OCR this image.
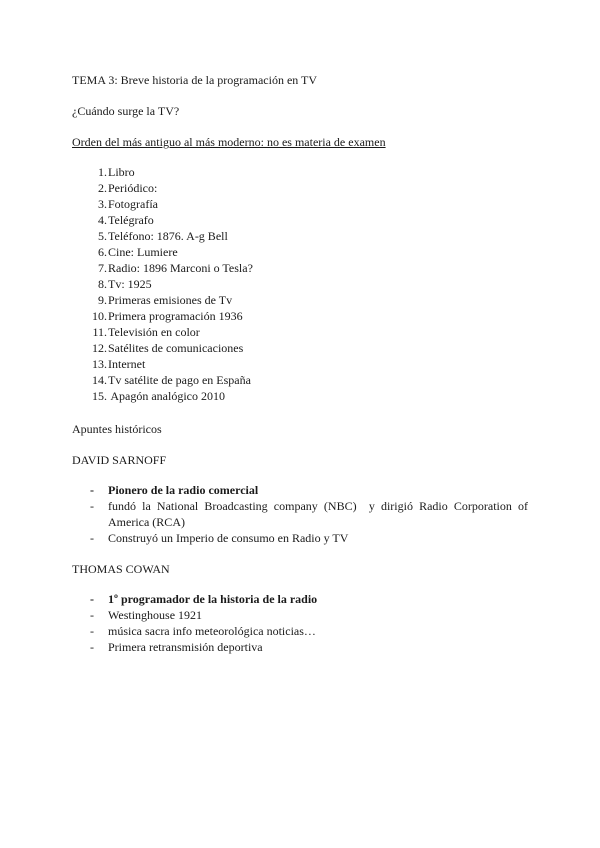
TEMA 3: Breve historia de la programación en TV

¿Cuándo surge la TV?

Orden del más antiguo al más moderno: no es materia de examen

1. Libro
2. Periódico:
3. Fotografía
4. Telégrafo
5. Teléfono: 1876. A-g Bell
6. Cine: Lumiere
7. Radio: 1896 Marconi o Tesla?
8. Tv: 1925
9. Primeras emisiones de Tv
10. Primera programación 1936
11. Televisión en color
12. Satélites de comunicaciones
13. Internet
14. Tv satélite de pago en España
15. Apagón analógico 2010

Apuntes históricos

DAVID SARNOFF

-	Pionero de la radio comercial
-	fundó la National Broadcasting company (NBC)  y dirigió Radio Corporation of America (RCA)
-	Construyó un Imperio de consumo en Radio y TV

THOMAS COWAN

-	1º programador de la historia de la radio
-	Westinghouse 1921
-	música sacra info meteorológica noticias…
-	Primera retransmisión deportiva
